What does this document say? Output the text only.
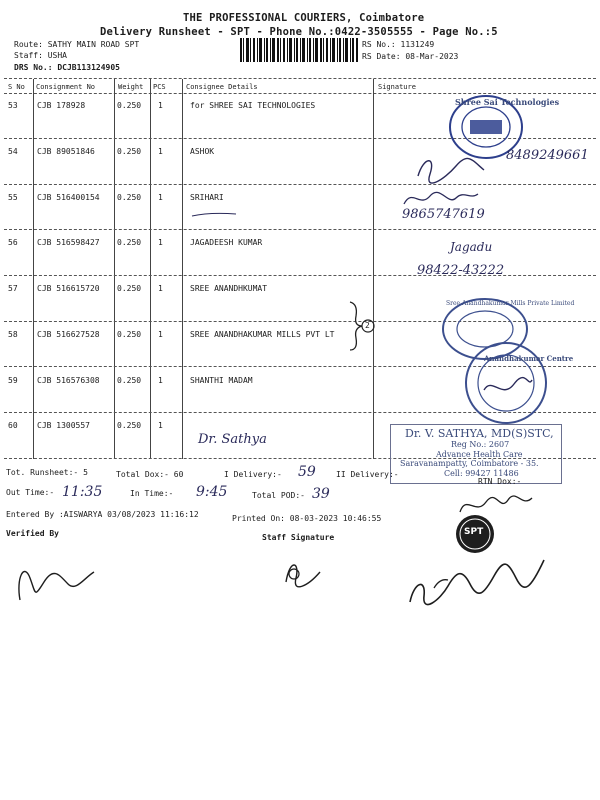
THE PROFESSIONAL COURIERS, Coimbatore
Delivery Runsheet - SPT - Phone No.:0422-3505555 - Page No.:5
Route: SATHY MAIN ROAD SPT
Staff: USHA
DRS No.: DCJB113124905
RS No.: 1131249
RS Date: 08-Mar-2023
S No Consignment No	Weight PCS	Consignee Details	Signature
53 CJB 178928	0.250 1	for SHREE SAI TECHNOLOGIES
54 CJB 89051846	0.250 1	ASHOK
55 CJB 516400154 0.250 1	SRIHARI
56 CJB 516598427 0.250 1	JAGADEESH KUMAR
57 CJB 516615720 0.250 1	SREE ANANDHKUMAT
58 CJB 516627528 0.250 1	SREE ANANDHAKUMAR MILLS PVT LT
59 CJB 516576308 0.250 1	SHANTHI MADAM
60 CJB 1300557	0.250 1
Shree Sai Technologies
8489249661
9865747619
Jagadu
98422-43222
Sree Anandhakumar Mills Private Limited
2
Anandhakumar Centre
Dr. Sathya	Dr. V. SATHYA, MD(S)STC,
Reg No.: 2607
Advance Health Care
Saravanampatty, Coimbatore - 35.
Cell: 99427 11486
Tot. Runsheet:- 5	Total Dox:- 60	I Delivery:- 59	II Delivery:-
RTN Dox:-
Out Time:- 11:35	In Time:- 9:45	Total POD:- 39
Entered By :AISWARYA 03/08/2023 11:16:12	Printed On: 08-03-2023 10:46:55
Verified By	Staff Signature
SPT
